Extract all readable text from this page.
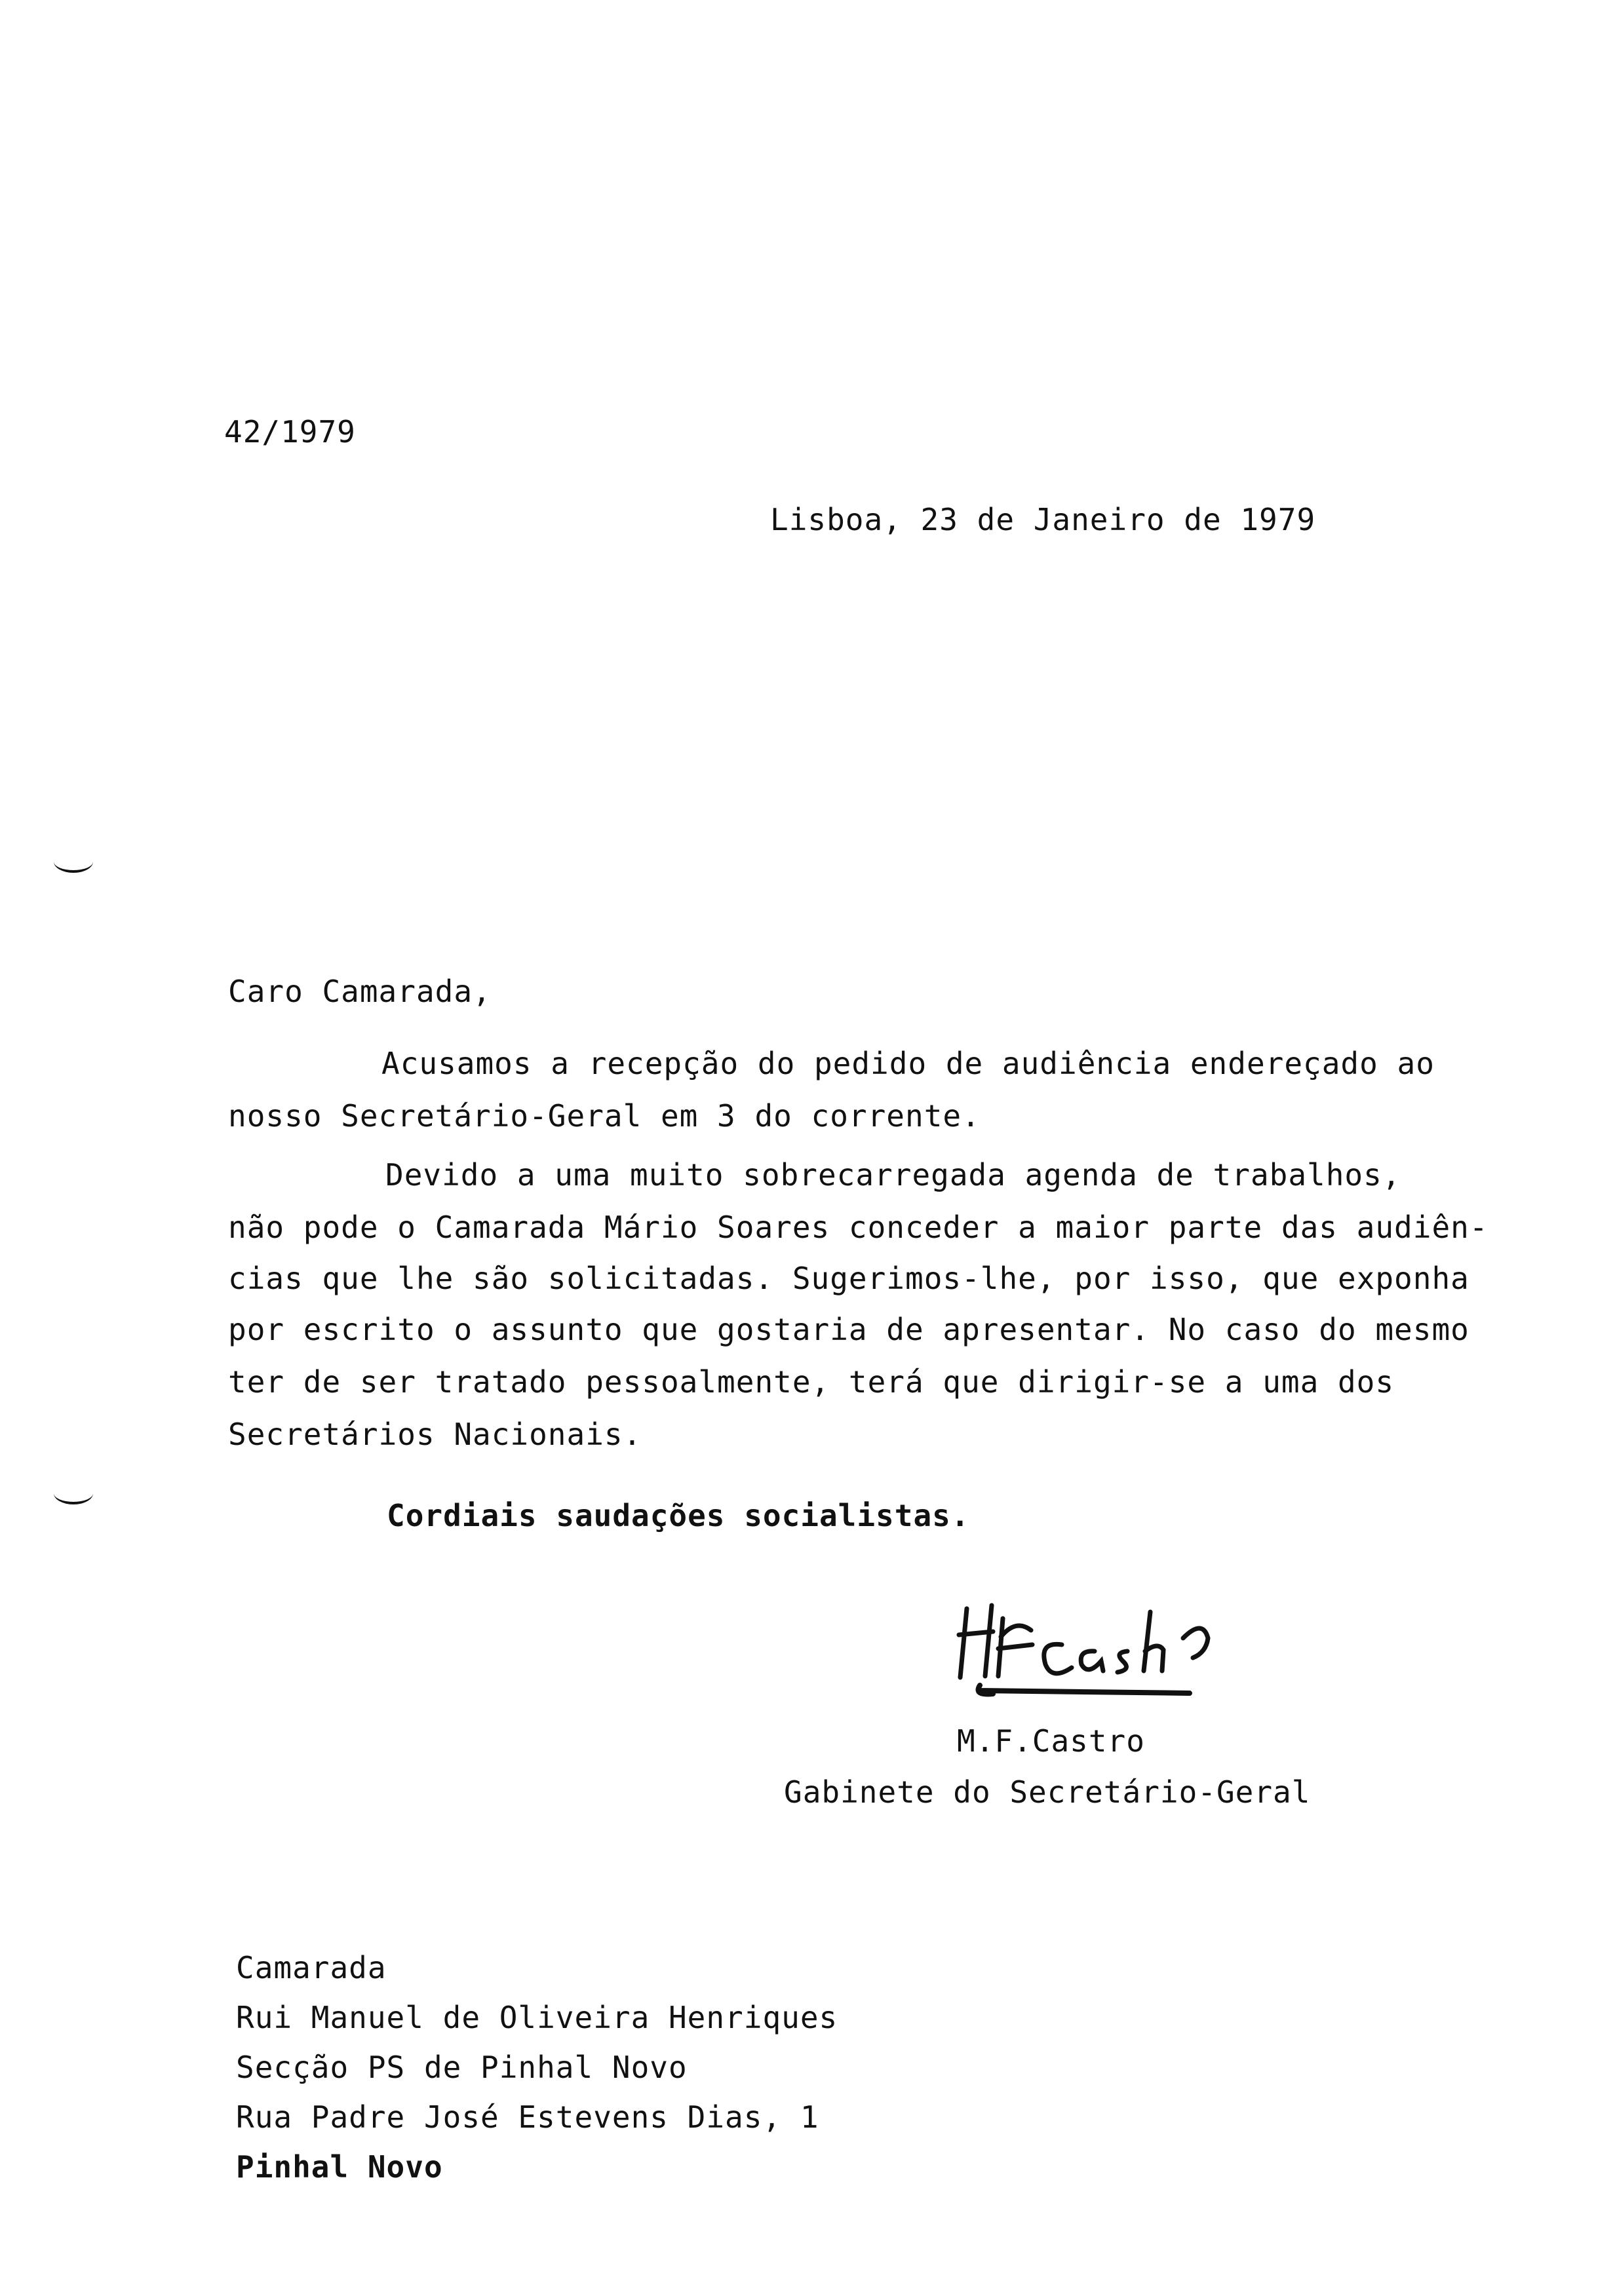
42/1979
Lisboa, 23 de Janeiro de 1979
Caro Camarada,
Acusamos a recepção do pedido de audiência endereçado ao
nosso Secretário-Geral em 3 do corrente.
Devido a uma muito sobrecarregada agenda de trabalhos,
não pode o Camarada Mário Soares conceder a maior parte das audiên-
cias que lhe são solicitadas. Sugerimos-lhe, por isso, que exponha
por escrito o assunto que gostaria de apresentar. No caso do mesmo
ter de ser tratado pessoalmente, terá que dirigir-se a uma dos
Secretários Nacionais.
Cordiais saudações socialistas.
M.F.Castro
Gabinete do Secretário-Geral
Camarada
Rui Manuel de Oliveira Henriques
Secção PS de Pinhal Novo
Rua Padre José Estevens Dias, 1
Pinhal Novo
